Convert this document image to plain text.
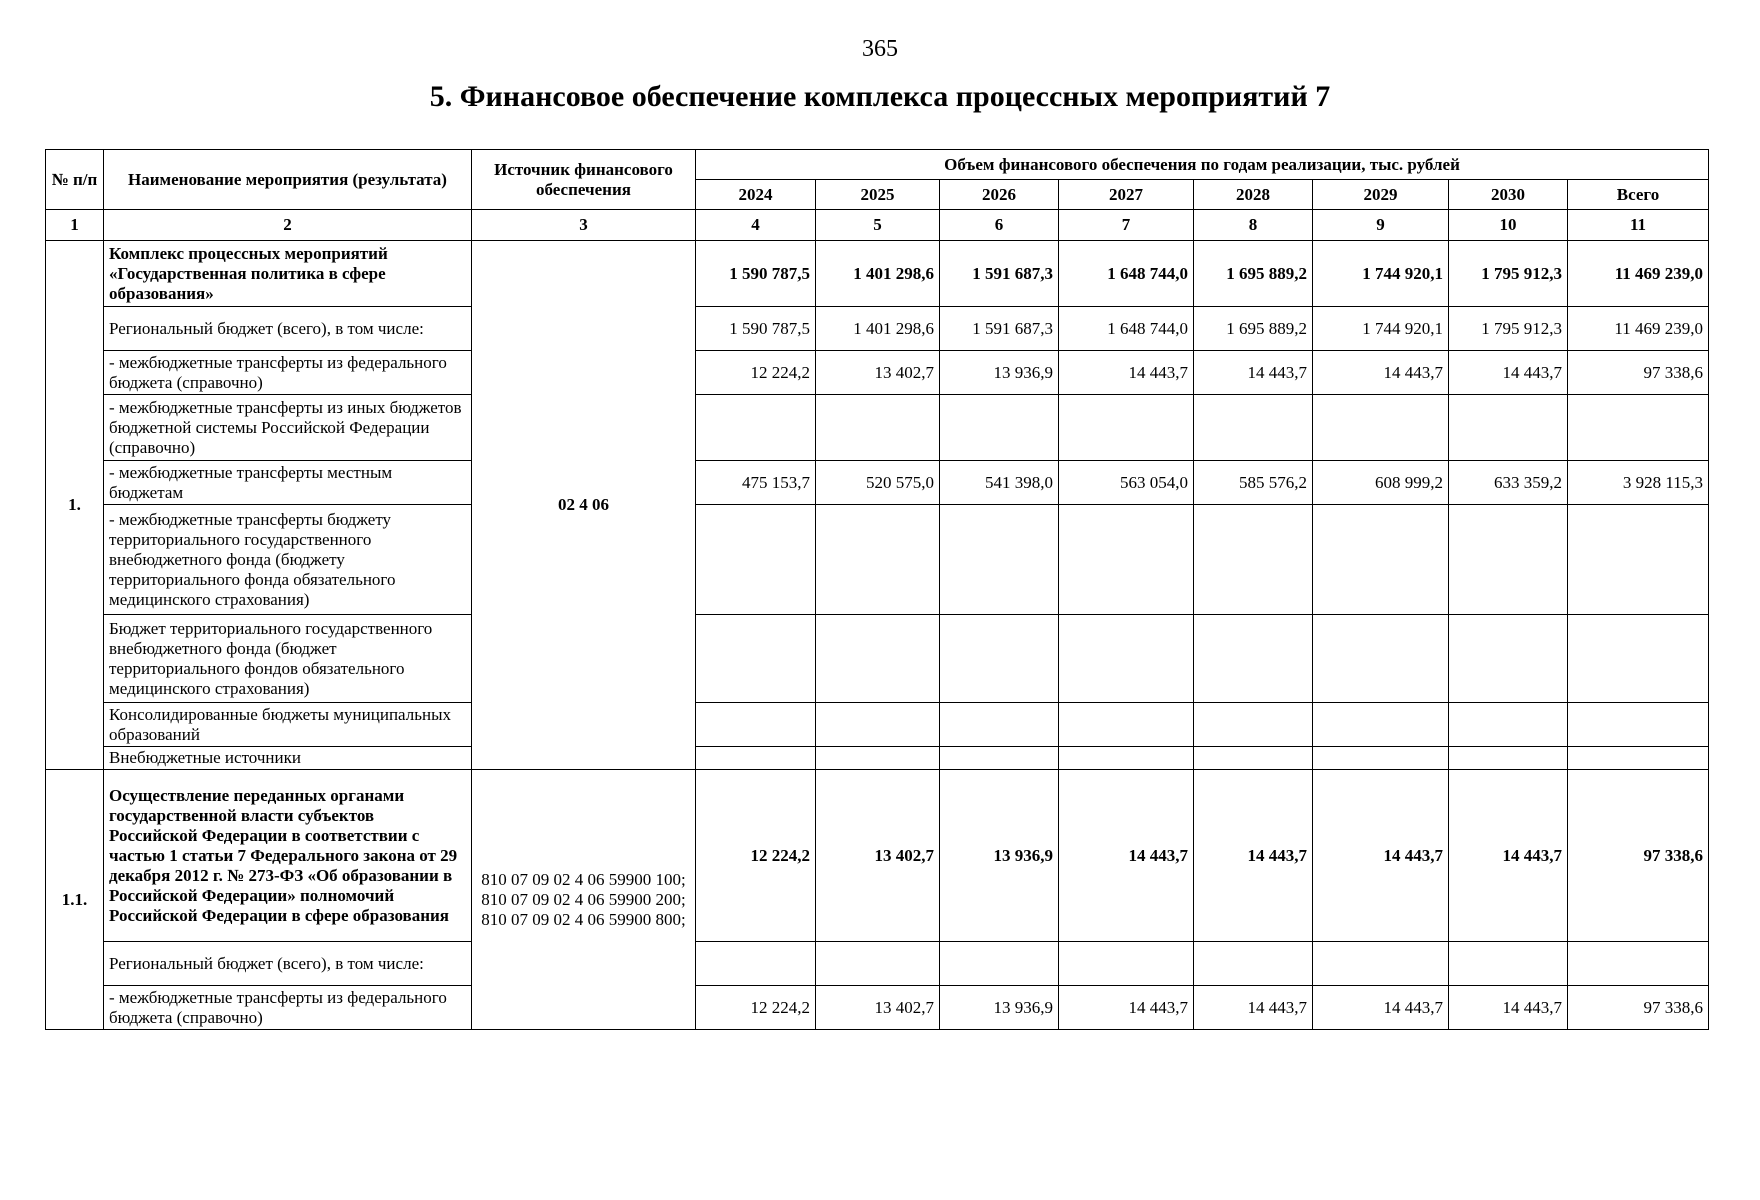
365
5. Финансовое обеспечение комплекса процессных мероприятий 7
№ п/п	Наименование мероприятия (результата)	Источник финансового обеспечения	Объем финансового обеспечения по годам реализации, тыс. рублей							
			2024	2025	2026	2027	2028	2029	2030	Всего
1	2	3	4	5	6	7	8	9	10	11
1.	Комплекс процессных мероприятий «Государственная политика в сфере образования»	02 4 06	1 590 787,5	1 401 298,6	1 591 687,3	1 648 744,0	1 695 889,2	1 744 920,1	1 795 912,3	11 469 239,0
	Региональный бюджет (всего), в том числе:		1 590 787,5	1 401 298,6	1 591 687,3	1 648 744,0	1 695 889,2	1 744 920,1	1 795 912,3	11 469 239,0
	- межбюджетные трансферты из федерального бюджета (справочно)		12 224,2	13 402,7	13 936,9	14 443,7	14 443,7	14 443,7	14 443,7	97 338,6
	- межбюджетные трансферты из иных бюджетов бюджетной системы Российской Федерации (справочно)									
	- межбюджетные трансферты местным бюджетам		475 153,7	520 575,0	541 398,0	563 054,0	585 576,2	608 999,2	633 359,2	3 928 115,3
	- межбюджетные трансферты бюджету территориального государственного внебюджетного фонда (бюджету территориального фонда обязательного медицинского страхования)									
	Бюджет территориального государственного внебюджетного фонда (бюджет территориального фондов обязательного медицинского страхования)									
	Консолидированные бюджеты муниципальных образований									
	Внебюджетные источники									
1.1.	Осуществление переданных органами государственной власти субъектов Российской Федерации в соответствии с частью 1 статьи 7 Федерального закона от 29 декабря 2012 г. № 273-ФЗ «Об образовании в Российской Федерации» полномочий Российской Федерации в сфере образования	810 07 09 02 4 06 59900 100; 810 07 09 02 4 06 59900 200; 810 07 09 02 4 06 59900 800;	12 224,2	13 402,7	13 936,9	14 443,7	14 443,7	14 443,7	14 443,7	97 338,6
	Региональный бюджет (всего), в том числе:									
	- межбюджетные трансферты из федерального бюджета (справочно)		12 224,2	13 402,7	13 936,9	14 443,7	14 443,7	14 443,7	14 443,7	97 338,6
